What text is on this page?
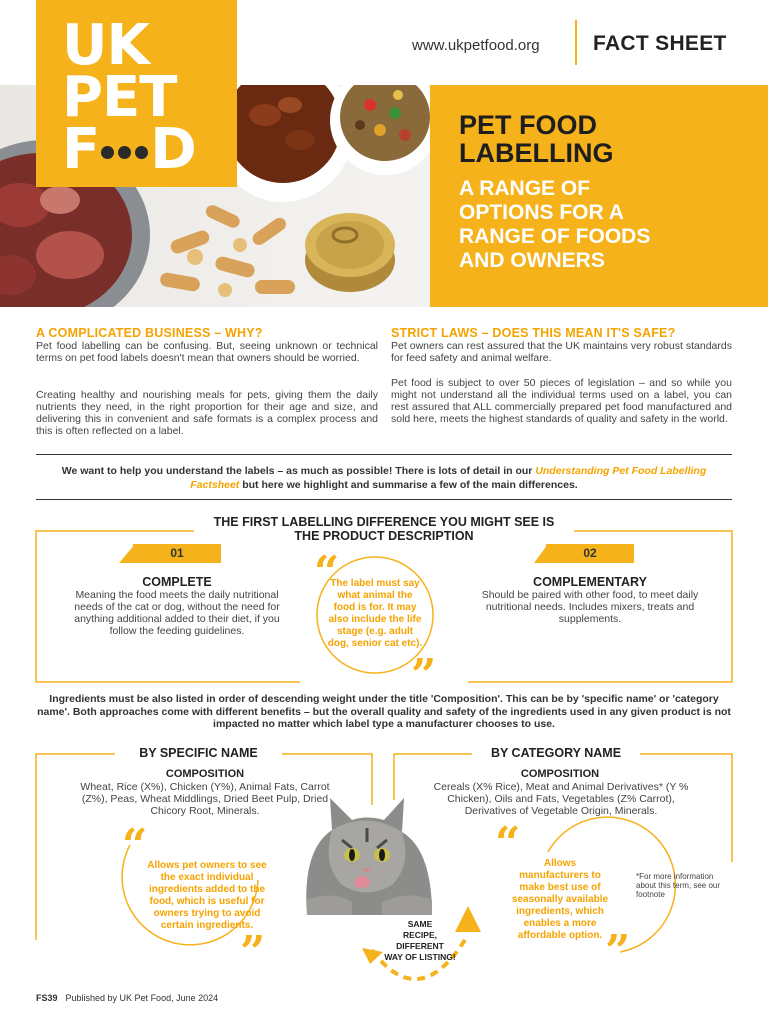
UK
PET
F D
www.ukpetfood.org	FACT SHEET
PET FOOD
LABELLING
A RANGE OF
OPTIONS FOR A
RANGE OF FOODS
AND OWNERS
A COMPLICATED BUSINESS – WHY?
Pet food labelling can be confusing. But, seeing unknown or technical terms on pet food labels doesn't mean that owners should be worried.
Creating healthy and nourishing meals for pets, giving them the daily nutrients they need, in the right proportion for their age and size, and delivering this in convenient and safe formats is a complex process and this is often reflected on a label.
STRICT LAWS – DOES THIS MEAN IT'S SAFE?
Pet owners can rest assured that the UK maintains very robust standards for feed safety and animal welfare.
Pet food is subject to over 50 pieces of legislation – and so while you might not understand all the individual terms used on a label, you can rest assured that ALL commercially prepared pet food manufactured and sold here, meets the highest standards of quality and safety in the world.
We want to help you understand the labels – as much as possible! There is lots of detail in our Understanding Pet Food Labelling Factsheet but here we highlight and summarise a few of the main differences.
THE FIRST LABELLING DIFFERENCE YOU MIGHT SEE IS THE PRODUCT DESCRIPTION
01
COMPLETE
Meaning the food meets the daily nutritional needs of the cat or dog, without the need for anything additional added to their diet, if you follow the feeding guidelines.
02
COMPLEMENTARY
Should be paired with other food, to meet daily nutritional needs. Includes mixers, treats and supplements.
“
The label must say what animal the food is for. It may also include the life stage (e.g. adult dog, senior cat etc).
”
Ingredients must be also listed in order of descending weight under the title 'Composition'. This can be by 'specific name' or 'category name'. Both approaches come with different benefits – but the overall quality and safety of the ingredients used in any given product is not impacted no matter which label type a manufacturer chooses to use.
BY SPECIFIC NAME
COMPOSITION
Wheat, Rice (X%), Chicken (Y%), Animal Fats, Carrot (Z%), Peas, Wheat Middlings, Dried Beet Pulp, Dried Chicory Root, Minerals.
“ Allows pet owners to see the exact individual ingredients added to the food, which is useful for owners trying to avoid certain ingredients.
”
BY CATEGORY NAME
COMPOSITION
Cereals (X% Rice), Meat and Animal Derivatives* (Y % Chicken), Oils and Fats, Vegetables (Z% Carrot), Derivatives of Vegetable Origin, Minerals.
“	Allows manufacturers to make best use of seasonally available ingredients, which enables a more affordable option. ”
*For more information about this term, see our footnote
SAME
RECIPE, DIFFERENT
WAY OF LISTING!
FS39 Published by UK Pet Food, June 2024
